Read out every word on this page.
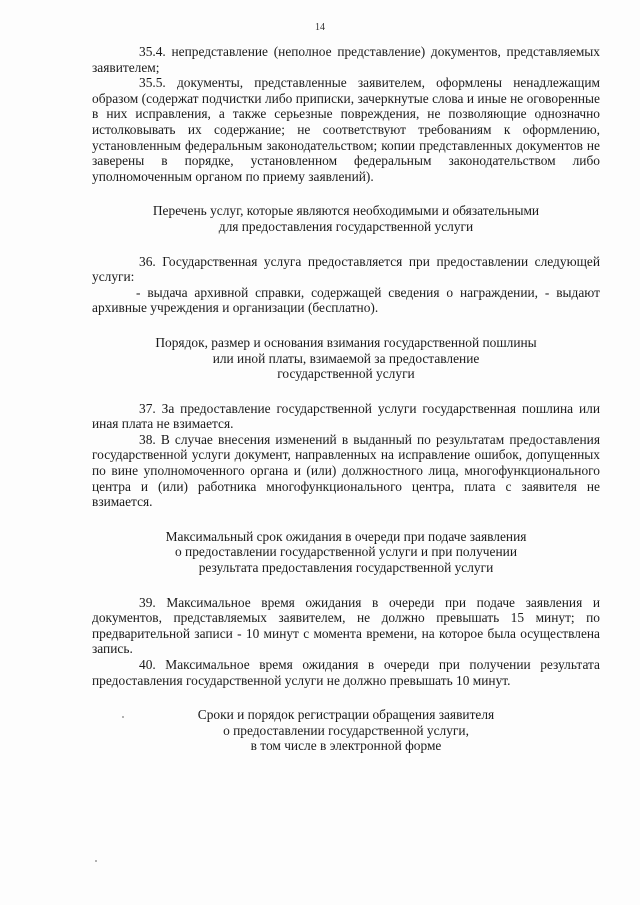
14

35.4. непредставление (неполное представление) документов, представляемых заявителем;

35.5. документы, представленные заявителем, оформлены ненадлежащим образом (содержат подчистки либо приписки, зачеркнутые слова и иные не оговоренные в них исправления, а также серьезные повреждения, не позволяющие однозначно истолковывать их содержание; не соответствуют требованиям к оформлению, установленным федеральным законодательством; копии представленных документов не заверены в порядке, установленном федеральным законодательством либо уполномоченным органом по приему заявлений).

Перечень услуг, которые являются необходимыми и обязательными
для предоставления государственной услуги

36. Государственная услуга предоставляется при предоставлении следующей услуги:

- выдача архивной справки, содержащей сведения о награждении, - выдают архивные учреждения и организации (бесплатно).

Порядок, размер и основания взимания государственной пошлины
или иной платы, взимаемой за предоставление
государственной услуги

37. За предоставление государственной услуги государственная пошлина или иная плата не взимается.

38. В случае внесения изменений в выданный по результатам предоставления государственной услуги документ, направленных на исправление ошибок, допущенных по вине уполномоченного органа и (или) должностного лица, многофункционального центра и (или) работника многофункционального центра, плата с заявителя не взимается.

Максимальный срок ожидания в очереди при подаче заявления
о предоставлении государственной услуги и при получении
результата предоставления государственной услуги

39. Максимальное время ожидания в очереди при подаче заявления и документов, представляемых заявителем, не должно превышать 15 минут; по предварительной записи - 10 минут с момента времени, на которое была осуществлена запись.

40. Максимальное время ожидания в очереди при получении результата предоставления государственной услуги не должно превышать 10 минут.

Сроки и порядок регистрации обращения заявителя
о предоставлении государственной услуги,
в том числе в электронной форме
